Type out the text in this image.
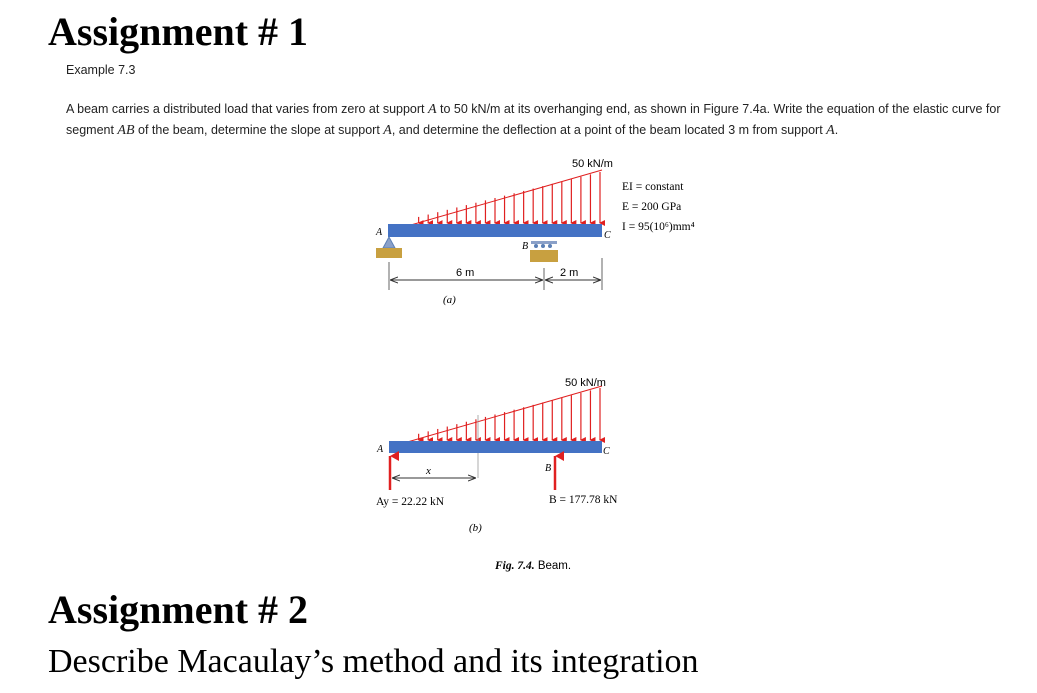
Assignment # 1
Example 7.3
A beam carries a distributed load that varies from zero at support A to 50 kN/m at its overhanging end, as shown in Figure 7.4a. Write the equation of the elastic curve for segment AB of the beam, determine the slope at support A, and determine the deflection at a point of the beam located 3 m from support A.
50 kN/m
A	C
B
6 m	2 m
(a)
EI = constant
E = 200 GPa
I = 95(10⁶)mm⁴
50 kN/m
A	C
B
x
Ay = 22.22 kN	B = 177.78 kN
(b)
Fig. 7.4. Beam.
Assignment # 2
Describe Macaulay’s method and its integration
